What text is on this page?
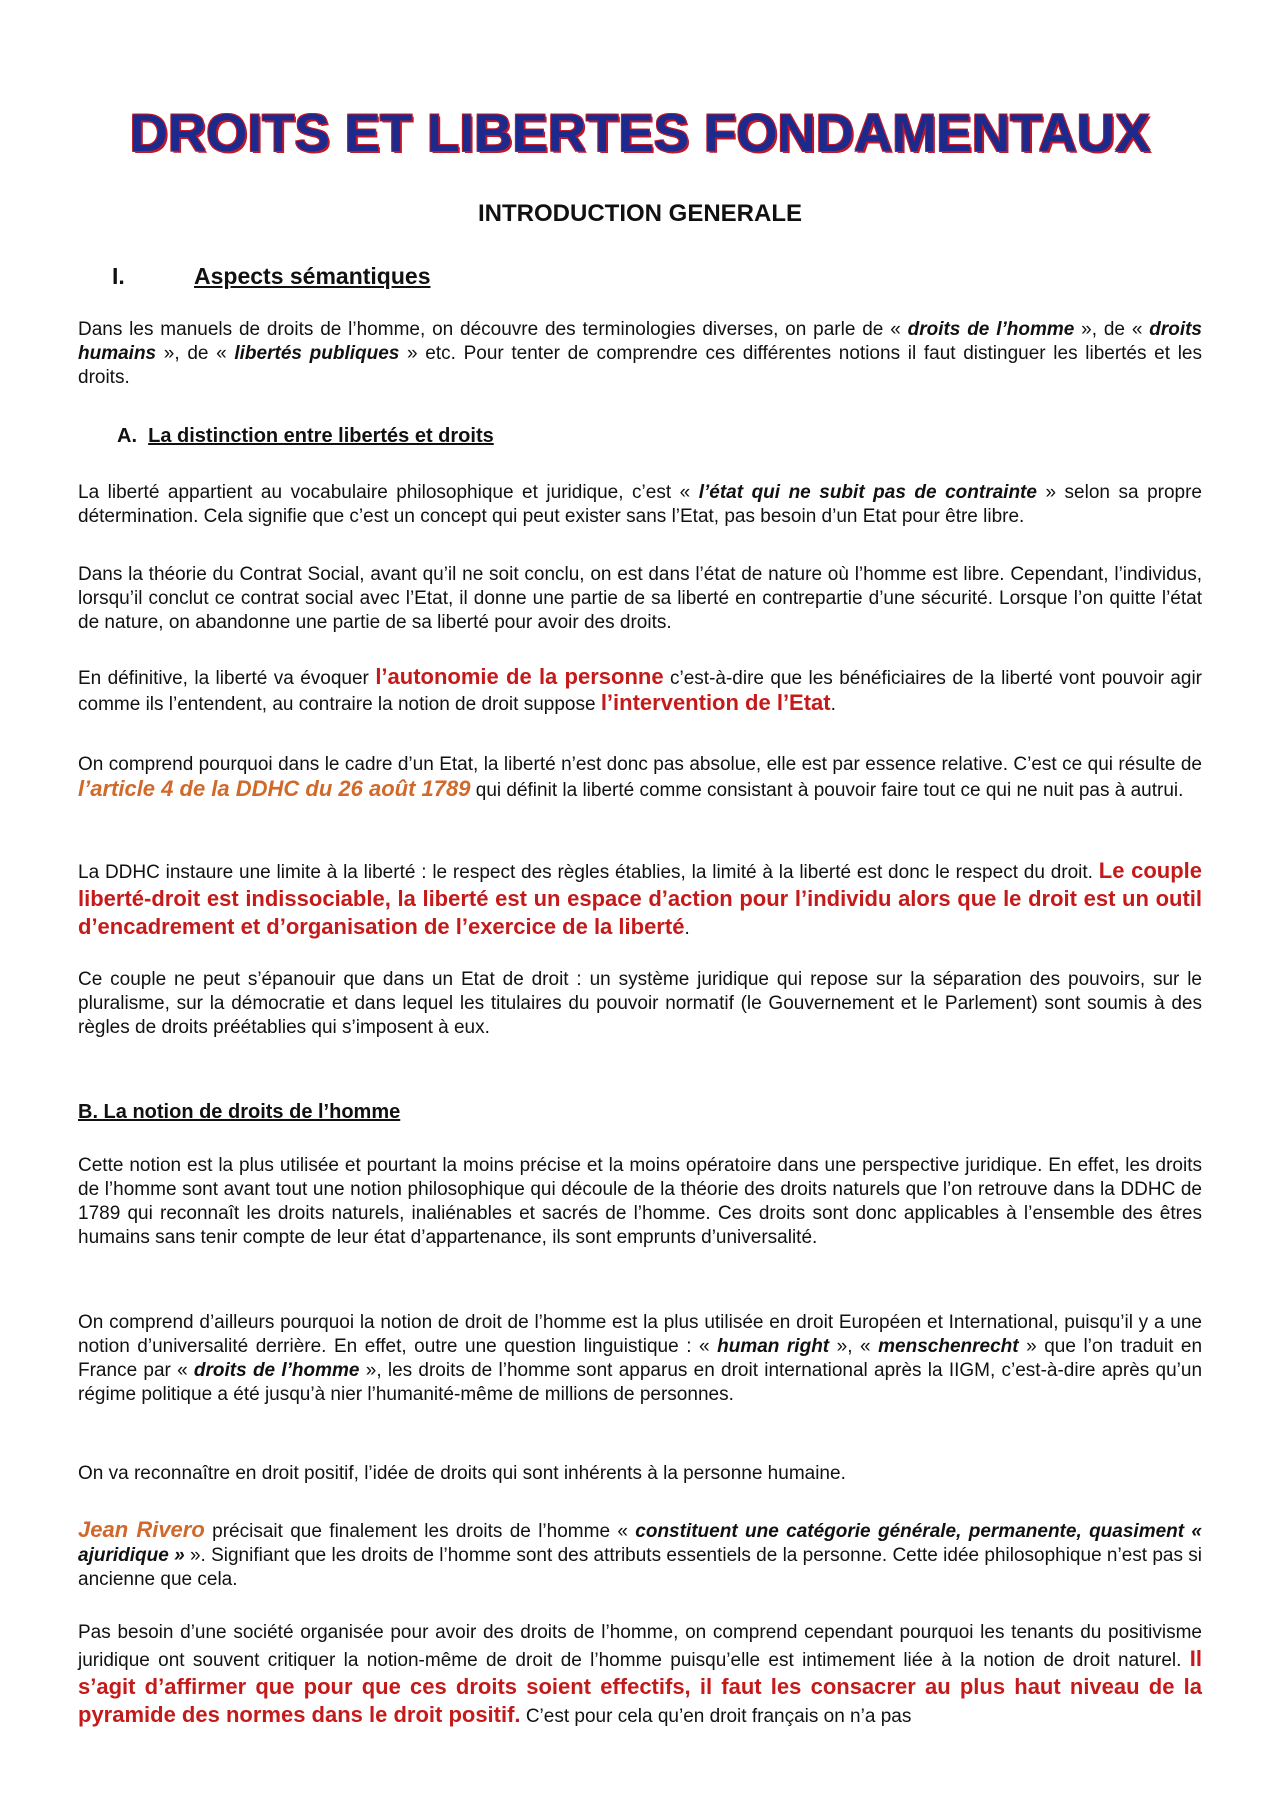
DROITS ET LIBERTES FONDAMENTAUX
INTRODUCTION GENERALE
I.	Aspects sémantiques
Dans les manuels de droits de l’homme, on découvre des terminologies diverses, on parle de « droits de l’homme », de « droits humains », de « libertés publiques » etc. Pour tenter de comprendre ces différentes notions il faut distinguer les libertés et les droits.
A. La distinction entre libertés et droits
La liberté appartient au vocabulaire philosophique et juridique, c’est « l’état qui ne subit pas de contrainte » selon sa propre détermination. Cela signifie que c’est un concept qui peut exister sans l’Etat, pas besoin d’un Etat pour être libre.
Dans la théorie du Contrat Social, avant qu’il ne soit conclu, on est dans l’état de nature où l’homme est libre. Cependant, l’individus, lorsqu’il conclut ce contrat social avec l’Etat, il donne une partie de sa liberté en contrepartie d’une sécurité. Lorsque l’on quitte l’état de nature, on abandonne une partie de sa liberté pour avoir des droits.
En définitive, la liberté va évoquer l’autonomie de la personne c’est-à-dire que les bénéficiaires de la liberté vont pouvoir agir comme ils l’entendent, au contraire la notion de droit suppose l’intervention de l’Etat.
On comprend pourquoi dans le cadre d’un Etat, la liberté n’est donc pas absolue, elle est par essence relative. C’est ce qui résulte de l’article 4 de la DDHC du 26 août 1789 qui définit la liberté comme consistant à pouvoir faire tout ce qui ne nuit pas à autrui.
La DDHC instaure une limite à la liberté : le respect des règles établies, la limité à la liberté est donc le respect du droit. Le couple liberté-droit est indissociable, la liberté est un espace d’action pour l’individu alors que le droit est un outil d’encadrement et d’organisation de l’exercice de la liberté.
Ce couple ne peut s’épanouir que dans un Etat de droit : un système juridique qui repose sur la séparation des pouvoirs, sur le pluralisme, sur la démocratie et dans lequel les titulaires du pouvoir normatif (le Gouvernement et le Parlement) sont soumis à des règles de droits préétablies qui s’imposent à eux.
B. La notion de droits de l’homme
Cette notion est la plus utilisée et pourtant la moins précise et la moins opératoire dans une perspective juridique. En effet, les droits de l’homme sont avant tout une notion philosophique qui découle de la théorie des droits naturels que l’on retrouve dans la DDHC de 1789 qui reconnaît les droits naturels, inaliénables et sacrés de l’homme. Ces droits sont donc applicables à l’ensemble des êtres humains sans tenir compte de leur état d’appartenance, ils sont emprunts d’universalité.
On comprend d’ailleurs pourquoi la notion de droit de l’homme est la plus utilisée en droit Européen et International, puisqu’il y a une notion d’universalité derrière. En effet, outre une question linguistique : « human right », « menschenrecht » que l’on traduit en France par « droits de l’homme », les droits de l’homme sont apparus en droit international après la IIGM, c’est-à-dire après qu’un régime politique a été jusqu’à nier l’humanité-même de millions de personnes.
On va reconnaître en droit positif, l’idée de droits qui sont inhérents à la personne humaine.
Jean Rivero précisait que finalement les droits de l’homme « constituent une catégorie générale, permanente, quasiment « ajuridique » ». Signifiant que les droits de l’homme sont des attributs essentiels de la personne. Cette idée philosophique n’est pas si ancienne que cela.
Pas besoin d’une société organisée pour avoir des droits de l’homme, on comprend cependant pourquoi les tenants du positivisme juridique ont souvent critiquer la notion-même de droit de l’homme puisqu’elle est intimement liée à la notion de droit naturel. Il s’agit d’affirmer que pour que ces droits soient effectifs, il faut les consacrer au plus haut niveau de la pyramide des normes dans le droit positif. C’est pour cela qu’en droit français on n’a pas
